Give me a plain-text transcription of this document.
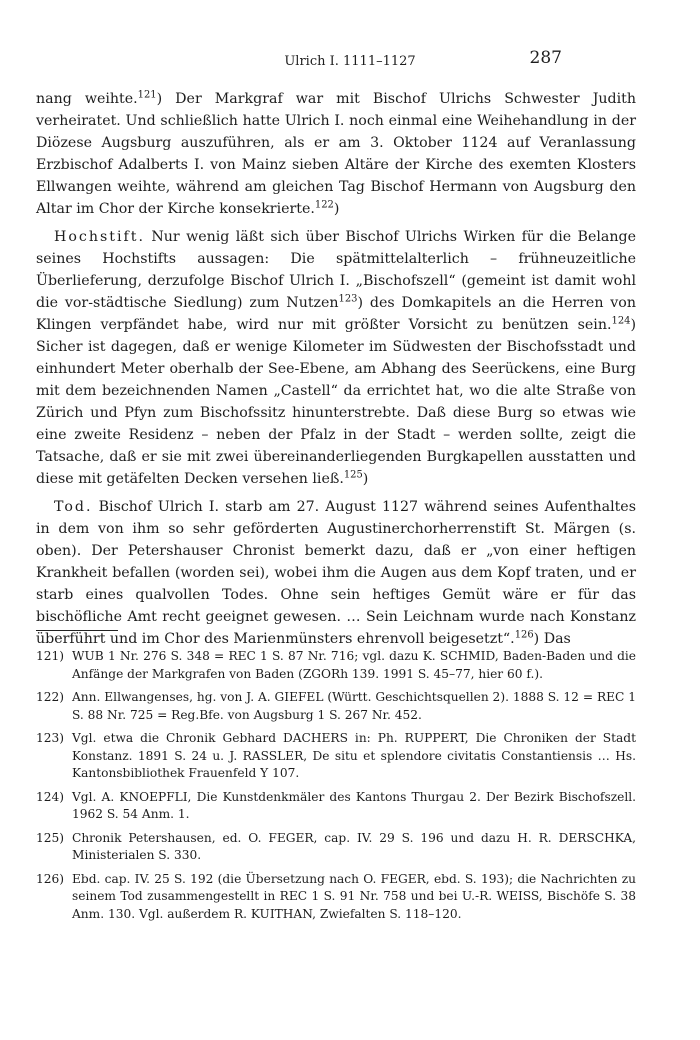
Ulrich I. 1111–1127	287

nang weihte.$^{121}$) Der Markgraf war mit Bischof Ulrichs Schwester Judith verheiratet. Und schließlich hatte Ulrich I. noch einmal eine Weihehandlung in der Diözese Augsburg auszuführen, als er am 3. Oktober 1124 auf Veranlassung Erzbischof Adalberts I. von Mainz sieben Altäre der Kirche des exemten Klosters Ellwangen weihte, während am gleichen Tag Bischof Hermann von Augsburg den Altar im Chor der Kirche konsekrierte.$^{122}$)

Hochstift. Nur wenig läßt sich über Bischof Ulrichs Wirken für die Belange seines Hochstifts aussagen: Die spätmittelalterlich – frühneuzeitliche Überlieferung, derzufolge Bischof Ulrich I. „Bischofszell“ (gemeint ist damit wohl die vor-städtische Siedlung) zum Nutzen$^{123}$) des Domkapitels an die Herren von Klingen verpfändet habe, wird nur mit größter Vorsicht zu benützen sein.$^{124}$) Sicher ist dagegen, daß er wenige Kilometer im Südwesten der Bischofsstadt und einhundert Meter oberhalb der See-Ebene, am Abhang des Seerückens, eine Burg mit dem bezeichnenden Namen „Castell“ da errichtet hat, wo die alte Straße von Zürich und Pfyn zum Bischofssitz hinunterstrebte. Daß diese Burg so etwas wie eine zweite Residenz – neben der Pfalz in der Stadt – werden sollte, zeigt die Tatsache, daß er sie mit zwei übereinanderliegenden Burgkapellen ausstatten und diese mit getäfelten Decken versehen ließ.$^{125}$)

Tod. Bischof Ulrich I. starb am 27. August 1127 während seines Aufenthaltes in dem von ihm so sehr geförderten Augustinerchorherrenstift St. Märgen (s. oben). Der Petershauser Chronist bemerkt dazu, daß er „von einer heftigen Krankheit befallen (worden sei), wobei ihm die Augen aus dem Kopf traten, und er starb eines qualvollen Todes. Ohne sein heftiges Gemüt wäre er für das bischöfliche Amt recht geeignet gewesen. … Sein Leichnam wurde nach Konstanz überführt und im Chor des Marienmünsters ehrenvoll beigesetzt“.$^{126}$) Das

121) WUB 1 Nr. 276 S. 348 = REC 1 S. 87 Nr. 716; vgl. dazu K. SCHMID, Baden-Baden und die Anfänge der Markgrafen von Baden (ZGORh 139. 1991 S. 45–77, hier 60 f.).
122) Ann. Ellwangenses, hg. von J. A. GIEFEL (Württ. Geschichtsquellen 2). 1888 S. 12 = REC 1 S. 88 Nr. 725 = Reg.Bfe. von Augsburg 1 S. 267 Nr. 452.
123) Vgl. etwa die Chronik Gebhard DACHERS in: Ph. RUPPERT, Die Chroniken der Stadt Konstanz. 1891 S. 24 u. J. RASSLER, De situ et splendore civitatis Constantiensis … Hs. Kantonsbibliothek Frauenfeld Y 107.
124) Vgl. A. KNOEPFLI, Die Kunstdenkmäler des Kantons Thurgau 2. Der Bezirk Bischofszell. 1962 S. 54 Anm. 1.
125) Chronik Petershausen, ed. O. FEGER, cap. IV. 29 S. 196 und dazu H. R. DERSCHKA, Ministerialen S. 330.
126) Ebd. cap. IV. 25 S. 192 (die Übersetzung nach O. FEGER, ebd. S. 193); die Nachrichten zu seinem Tod zusammengestellt in REC 1 S. 91 Nr. 758 und bei U.-R. WEISS, Bischöfe S. 38 Anm. 130. Vgl. außerdem R. KUITHAN, Zwiefalten S. 118–120.
